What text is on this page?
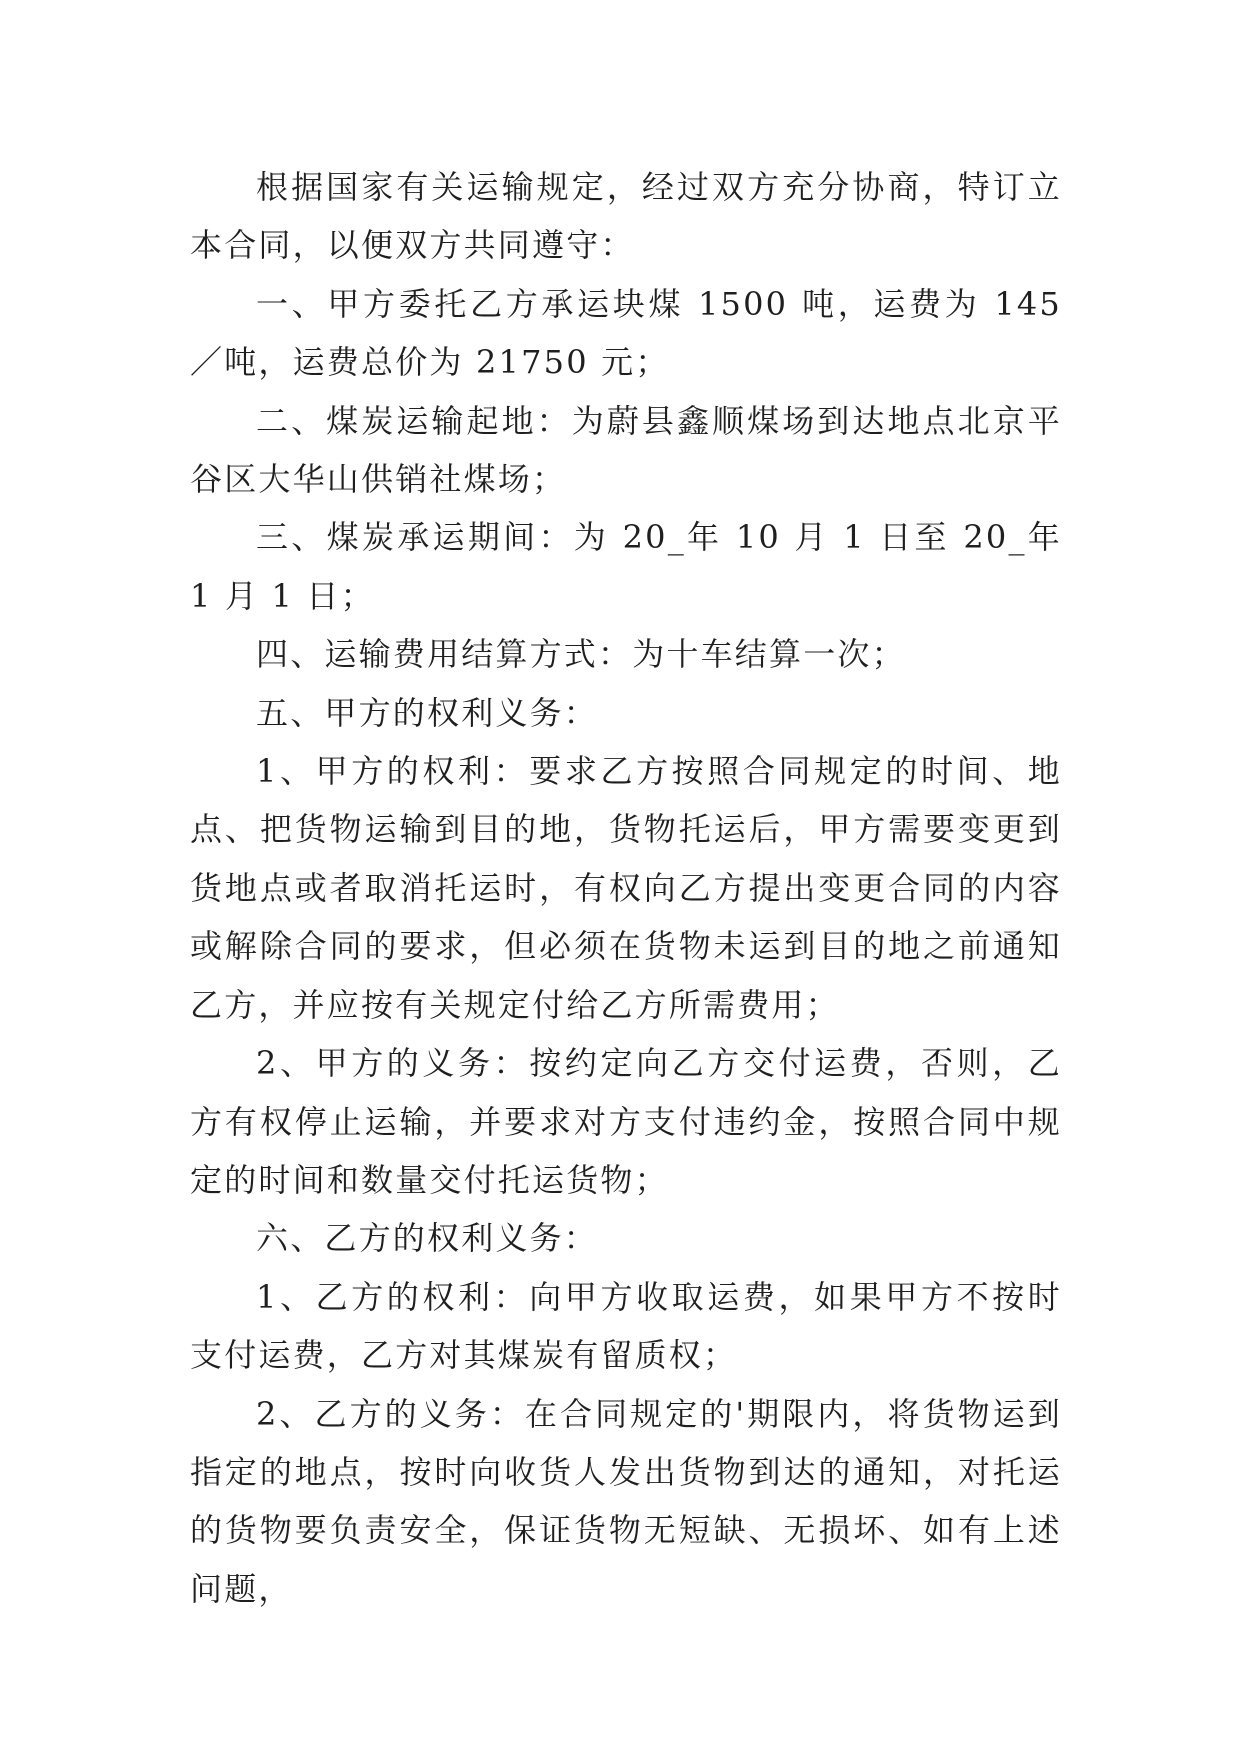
根据国家有关运输规定，经过双方充分协商，特订立本合同，以便双方共同遵守：

一、甲方委托乙方承运块煤 1500 吨，运费为 145／吨，运费总价为 21750 元；

二、煤炭运输起地：为蔚县鑫顺煤场到达地点北京平谷区大华山供销社煤场；

三、煤炭承运期间：为 20_年 10 月 1 日至 20_年 1 月 1 日；

四、运输费用结算方式：为十车结算一次；

五、甲方的权利义务：

1、甲方的权利：要求乙方按照合同规定的时间、地点、把货物运输到目的地，货物托运后，甲方需要变更到货地点或者取消托运时，有权向乙方提出变更合同的内容或解除合同的要求，但必须在货物未运到目的地之前通知乙方，并应按有关规定付给乙方所需费用；

2、甲方的义务：按约定向乙方交付运费，否则，乙方有权停止运输，并要求对方支付违约金，按照合同中规定的时间和数量交付托运货物；

六、乙方的权利义务：

1、乙方的权利：向甲方收取运费，如果甲方不按时支付运费，乙方对其煤炭有留质权；

2、乙方的义务：在合同规定的'期限内，将货物运到指定的地点，按时向收货人发出货物到达的通知，对托运的货物要负责安全，保证货物无短缺、无损坏、如有上述问题，
